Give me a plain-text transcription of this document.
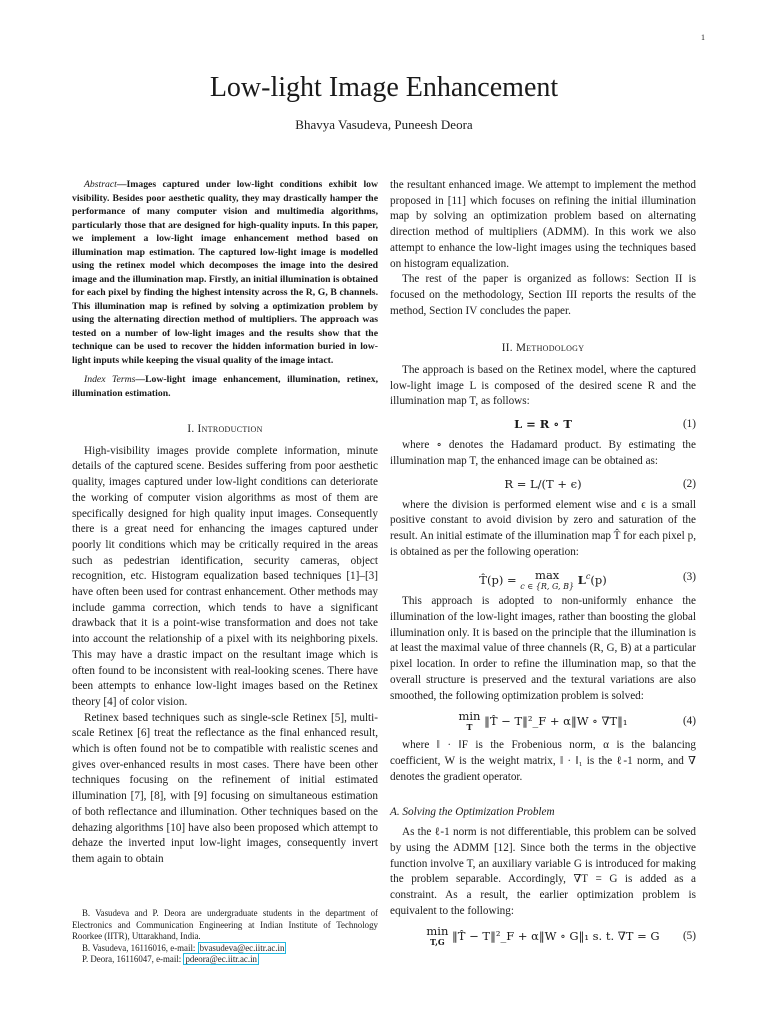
1
Low-light Image Enhancement
Bhavya Vasudeva, Puneesh Deora

Abstract—Images captured under low-light conditions exhibit low visibility. Besides poor aesthetic quality, they may drastically hamper the performance of many computer vision and multimedia algorithms, particularly those that are designed for high-quality inputs. In this paper, we implement a low-light image enhancement method based on illumination map estimation. The captured low-light image is modelled using the retinex model which decomposes the image into the desired image and the illumination map. Firstly, an initial illumination is obtained for each pixel by finding the highest intensity across the R, G, B channels. This illumination map is refined by solving a optimization problem by using the alternating direction method of multipliers. The approach was tested on a number of low-light images and the results show that the technique can be used to recover the hidden information buried in low-light inputs while keeping the visual quality of the image intact.

Index Terms—Low-light image enhancement, illumination, retinex, illumination estimation.

I. Introduction

High-visibility images provide complete information, minute details of the captured scene. Besides suffering from poor aesthetic quality, images captured under low-light conditions can deteriorate the working of computer vision algorithms as most of them are specifically designed for high quality input images. Consequently there is a great need for enhancing the images captured under poorly lit conditions which may be critically required in the areas such as pedestrian identification, security cameras, object recognition, etc. Histogram equalization based techniques [1]–[3] have often been used for contrast enhancement. Other methods may include gamma correction, which tends to have a significant drawback that it is a point-wise transformation and does not take into account the relationship of a pixel with its neighboring pixels. This may have a drastic impact on the resultant image which is often found to be inconsistent with real-looking scenes. There have been attempts to enhance low-light images based on the Retinex theory [4] of color vision.

Retinex based techniques such as single-scle Retinex [5], multi-scale Retinex [6] treat the reflectance as the final enhanced result, which is often found not be to compatible with realistic scenes and gives over-enhanced results in most cases. There have been other techniques focusing on the refinement of initial estimated illumination [7], [8], with [9] focusing on simultaneous estimation of both reflectance and illumination. Other techniques based on the dehazing algorithms [10] have also been proposed which attempt to dehaze the inverted input low-light images, consequently invert them again to obtain

B. Vasudeva and P. Deora are undergraduate students in the department of Electronics and Communication Engineering at Indian Institute of Technology Roorkee (IITR), Uttarakhand, India.

B. Vasudeva, 16116016, e-mail: bvasudeva@ec.iitr.ac.in

P. Deora, 16116047, e-mail: pdeora@ec.iitr.ac.in

the resultant enhanced image. We attempt to implement the method proposed in [11] which focuses on refining the initial illumination map by solving an optimization problem based on alternating direction method of multipliers (ADMM). In this work we also attempt to enhance the low-light images using the techniques based on histogram equalization.

The rest of the paper is organized as follows: Section II is focused on the methodology, Section III reports the results of the method, Section IV concludes the paper.

II. Methodology

The approach is based on the Retinex model, where the captured low-light image L is composed of the desired scene R and the illumination map T, as follows:

L = R ∘ T	(1)

where ∘ denotes the Hadamard product. By estimating the illumination map T, the enhanced image can be obtained as:

R = L/(T + ϵ)	(2)

where the division is performed element wise and ϵ is a small positive constant to avoid division by zero and saturation of the result. An initial estimate of the illumination map T̂ for each pixel p, is obtained as per the following operation:

T̂(p) = max
c ∈ {R, G, B} $L^c(p)$	(3)

This approach is adopted to non-uniformly enhance the illumination of the low-light images, rather than boosting the global illumination only. It is based on the principle that the illumination is at least the maximal value of three channels (R, G, B) at a particular pixel location. In order to refine the illumination map, so that the overall structure is preserved and the textural variations are also smoothed, the following optimization problem is solved:

min
T	‖T̂ − T‖²_F + α‖W ∘ ∇T‖₁	(4)

where ‖ · ‖F is the Frobenious norm, α is the balancing coefficient, W is the weight matrix, ‖ · ‖₁ is the ℓ-1 norm, and ∇ denotes the gradient operator.

A. Solving the Optimization Problem

As the ℓ-1 norm is not differentiable, this problem can be solved by using the ADMM [12]. Since both the terms in the objective function involve T, an auxiliary variable G is introduced for making the problem separable. Accordingly, ∇T = G is added as a constraint. As a result, the earlier optimization problem is equivalent to the following:

min
T,G ‖T̂ − T‖²_F + α‖W ∘ G‖₁ s. t. ∇T = G (5)
